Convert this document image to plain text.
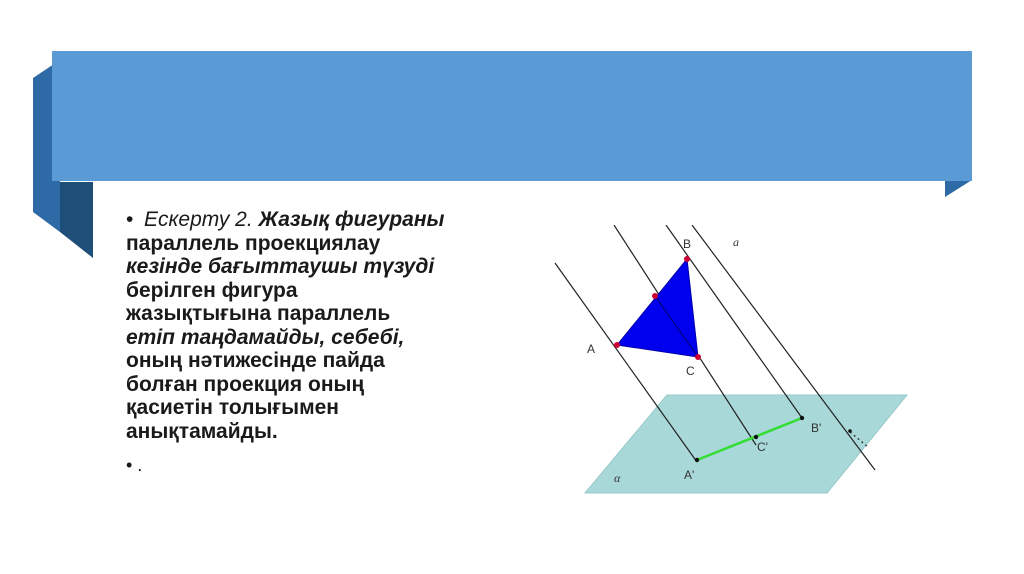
• Ескерту 2. Жазық фигураны

параллель проекциялау

кезінде бағыттаушы түзуді

берілген фигура

жазықтығына параллель

етіп таңдамайды, себебі,

оның нәтижесінде пайда

болған проекция оның

қасиетін толығымен

анықтамайды.

• .
B
A
C
a
B'
C'
A'
α
